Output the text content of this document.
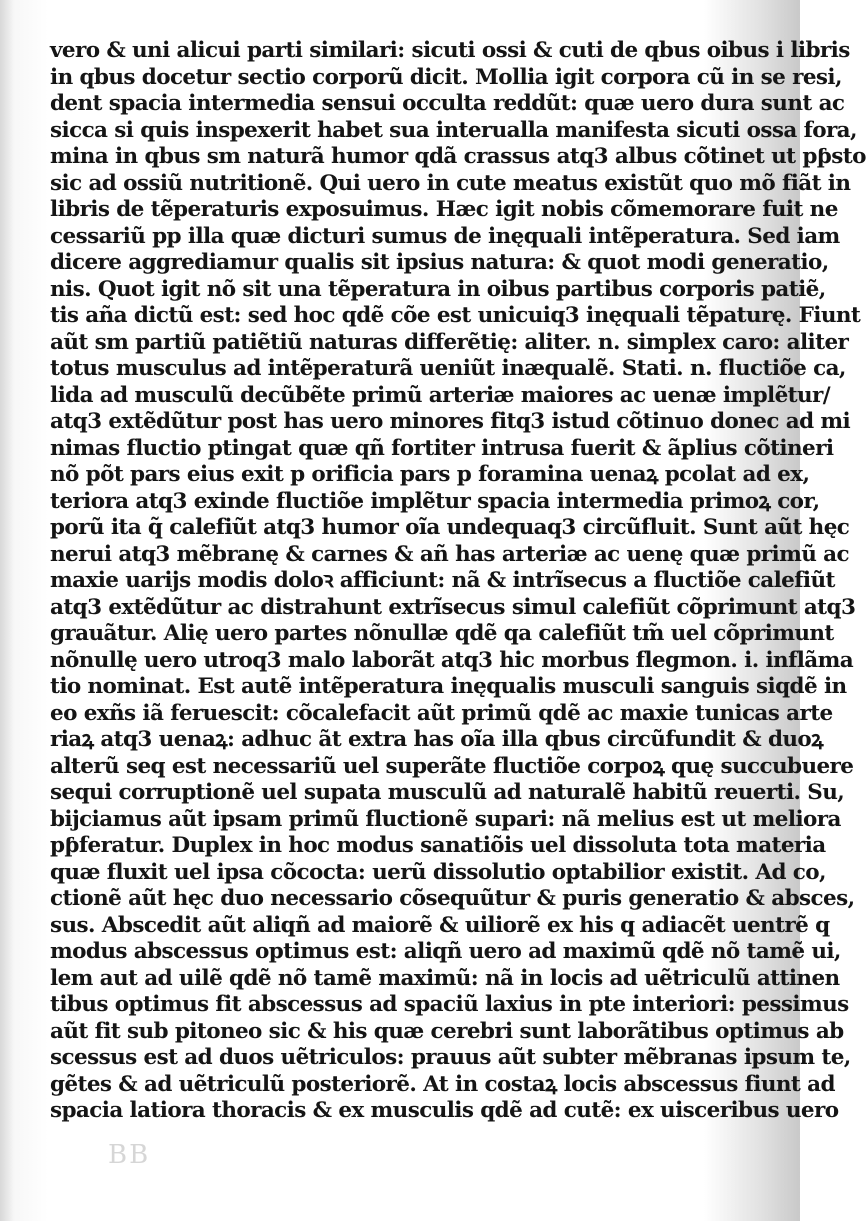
vero & uni alicui parti similari: sicuti ossi & cuti de qbus oibus i libris
in qbus docetur sectio corporũ dicit. Mollia igit corpora cũ in se resi,
dent spacia intermedia sensui occulta reddũt: quæ uero dura sunt ac
sicca si quis inspexerit habet sua interualla manifesta sicuti ossa fora,
mina in qbus sm naturã humor qdã crassus atq3 albus cõtinet ut pƥsto
sic ad ossiũ nutritionẽ. Qui uero in cute meatus existũt quo mõ fiãt in
libris de tẽperaturis exposuimus. Hæc igit nobis cõmemorare fuit ne
cessariũ pp illa quæ dicturi sumus de inęquali intẽperatura. Sed iam
dicere aggrediamur qualis sit ipsius natura: & quot modi generatio,
nis. Quot igit nõ sit una tẽperatura in oibus partibus corporis patiẽ,
tis aña dictũ est: sed hoc qdẽ cõe est unicuiq3 inęquali tẽpaturę. Fiunt
aũt sm partiũ patiẽtiũ naturas differẽtię: aliter. n. simplex caro: aliter
totus musculus ad intẽperaturã ueniũt inæqualẽ. Stati. n. fluctiõe ca,
lida ad musculũ decũbẽte primũ arteriæ maiores ac uenæ implẽtur/
atq3 extẽdũtur post has uero minores fitq3 istud cõtinuo donec ad mi
nimas fluctio ptingat quæ qñ fortiter intrusa fuerit & ãplius cõtineri
nõ põt pars eius exit p orificia pars p foramina uenaꝝ pcolat ad ex,
teriora atq3 exinde fluctiõe implẽtur spacia intermedia primoꝝ cor,
porũ ita q̃ calefiũt atq3 humor oĩa undequaq3 circũfluit. Sunt aũt hęc
nerui atq3 mẽbranę & carnes & añ has arteriæ ac uenę quæ primũ ac
maxie uarijs modis doloꝛ afficiunt: nã & intrĩsecus a fluctiõe calefiũt
atq3 extẽdũtur ac distrahunt extrĩsecus simul calefiũt cõprimunt atq3
grauãtur. Alię uero partes nõnullæ qdẽ qa calefiũt tm̃ uel cõprimunt
nõnullę uero utroq3 malo laborãt atq3 hic morbus flegmon. i. inflãma
tio nominat. Est autẽ intẽperatura inęqualis musculi sanguis siqdẽ in
eo exñs iã feruescit: cõcalefacit aũt primũ qdẽ ac maxie tunicas arte
riaꝝ atq3 uenaꝝ: adhuc ãt extra has oĩa illa qbus circũfundit & duoꝝ
alterũ seq est necessariũ uel superãte fluctiõe corpoꝝ quę succubuere
sequi corruptionẽ uel supata musculũ ad naturalẽ habitũ reuerti. Su,
bijciamus aũt ipsam primũ fluctionẽ supari: nã melius est ut meliora
pƥferatur. Duplex in hoc modus sanatiõis uel dissoluta tota materia
quæ fluxit uel ipsa cõcocta: uerũ dissolutio optabilior existit. Ad co,
ctionẽ aũt hęc duo necessario cõsequũtur & puris generatio & absces,
sus. Abscedit aũt aliqñ ad maiorẽ & uiliorẽ ex his q adiacẽt uentrẽ q
modus abscessus optimus est: aliqñ uero ad maximũ qdẽ nõ tamẽ ui,
lem aut ad uilẽ qdẽ nõ tamẽ maximũ: nã in locis ad uẽtriculũ attinen
tibus optimus fit abscessus ad spaciũ laxius in pte interiori: pessimus
aũt fit sub pitoneo sic & his quæ cerebri sunt laborãtibus optimus ab
scessus est ad duos uẽtriculos: prauus aũt subter mẽbranas ipsum te,
gẽtes & ad uẽtriculũ posteriorẽ. At in costaꝝ locis abscessus fiunt ad
spacia latiora thoracis & ex musculis qdẽ ad cutẽ: ex uisceribus uero
BB
